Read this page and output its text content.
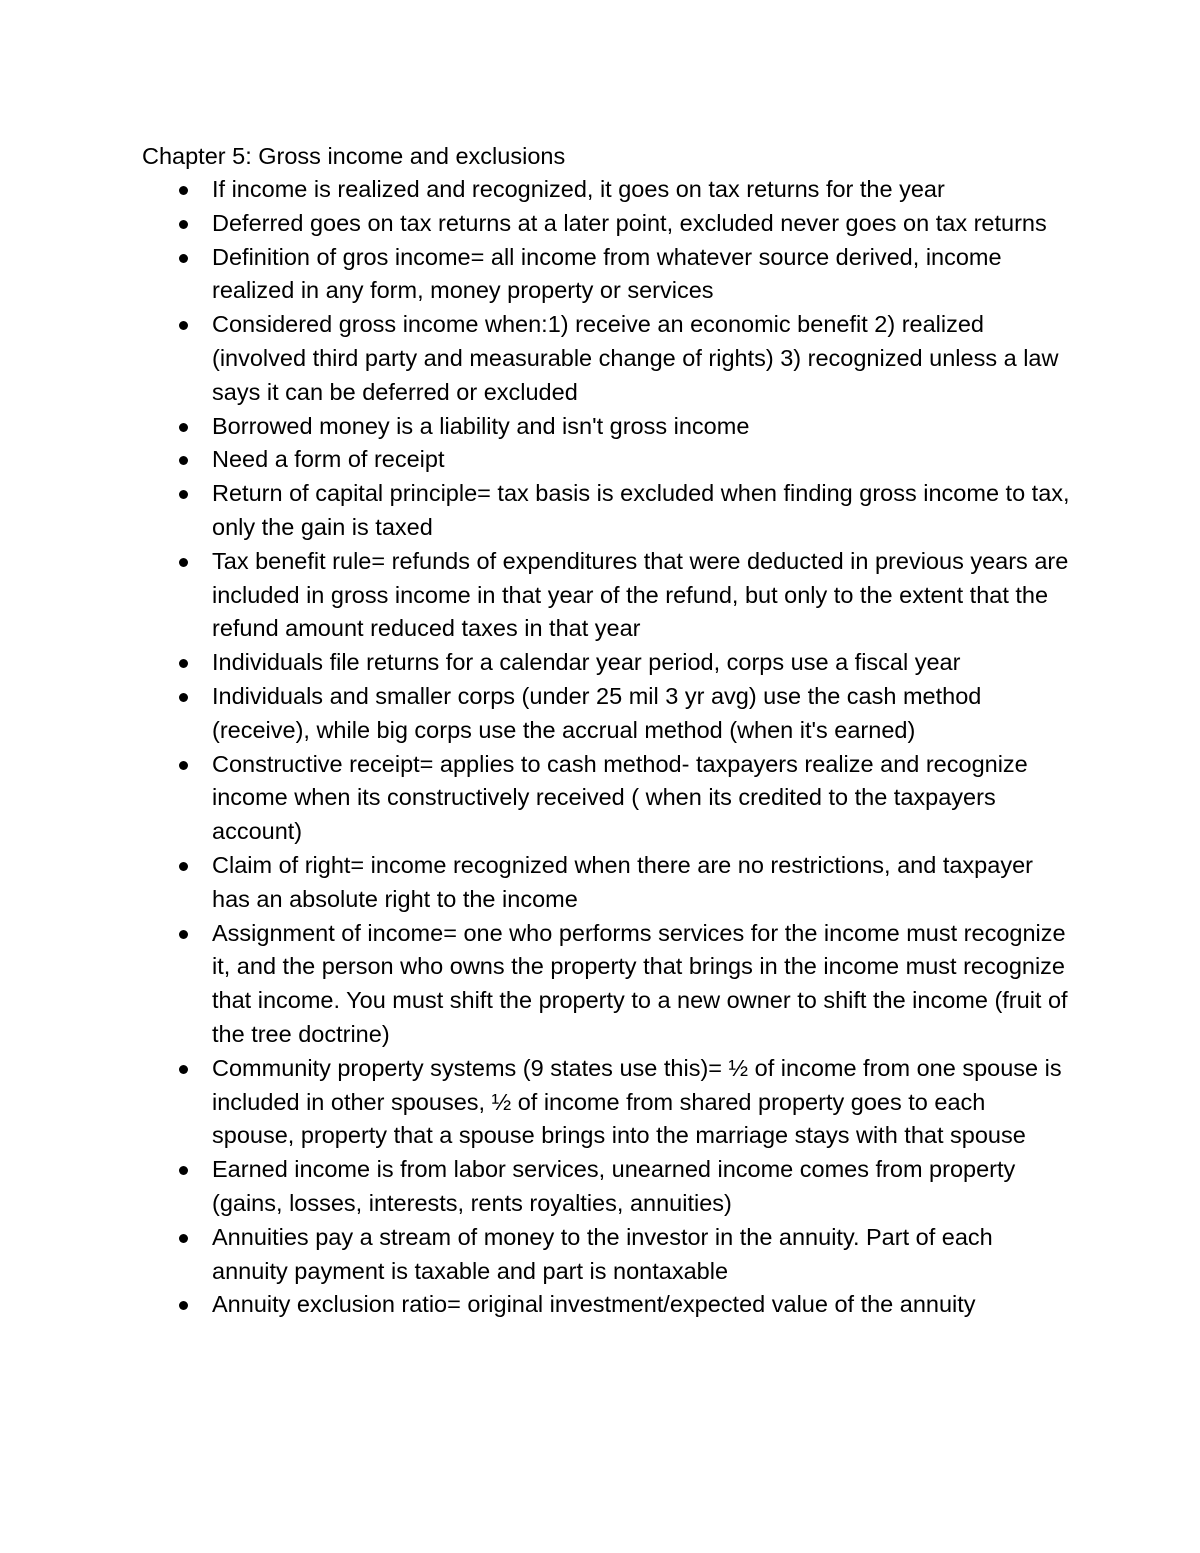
Chapter 5: Gross income and exclusions

If income is realized and recognized, it goes on tax returns for the year
Deferred goes on tax returns at a later point, excluded never goes on tax returns
Definition of gros income= all income from whatever source derived, income realized in any form, money property or services
Considered gross income when:1) receive an economic benefit 2) realized (involved third party and measurable change of rights) 3) recognized unless a law says it can be deferred or excluded
Borrowed money is a liability and isn't gross income
Need a form of receipt
Return of capital principle= tax basis is excluded when finding gross income to tax, only the gain is taxed
Tax benefit rule= refunds of expenditures that were deducted in previous years are included in gross income in that year of the refund, but only to the extent that the refund amount reduced taxes in that year
Individuals file returns for a calendar year period, corps use a fiscal year
Individuals and smaller corps (under 25 mil 3 yr avg) use the cash method (receive), while big corps use the accrual method (when it's earned)
Constructive receipt= applies to cash method- taxpayers realize and recognize income when its constructively received ( when its credited to the taxpayers account)
Claim of right= income recognized when there are no restrictions, and taxpayer has an absolute right to the income
Assignment of income= one who performs services for the income must recognize it, and the person who owns the property that brings in the income must recognize that income. You must shift the property to a new owner to shift the income (fruit of the tree doctrine)
Community property systems (9 states use this)= ½ of income from one spouse is included in other spouses, ½ of income from shared property goes to each spouse, property that a spouse brings into the marriage stays with that spouse
Earned income is from labor services, unearned income comes from property (gains, losses, interests, rents royalties, annuities)
Annuities pay a stream of money to the investor in the annuity. Part of each annuity payment is taxable and part is nontaxable
Annuity exclusion ratio= original investment/expected value of the annuity
